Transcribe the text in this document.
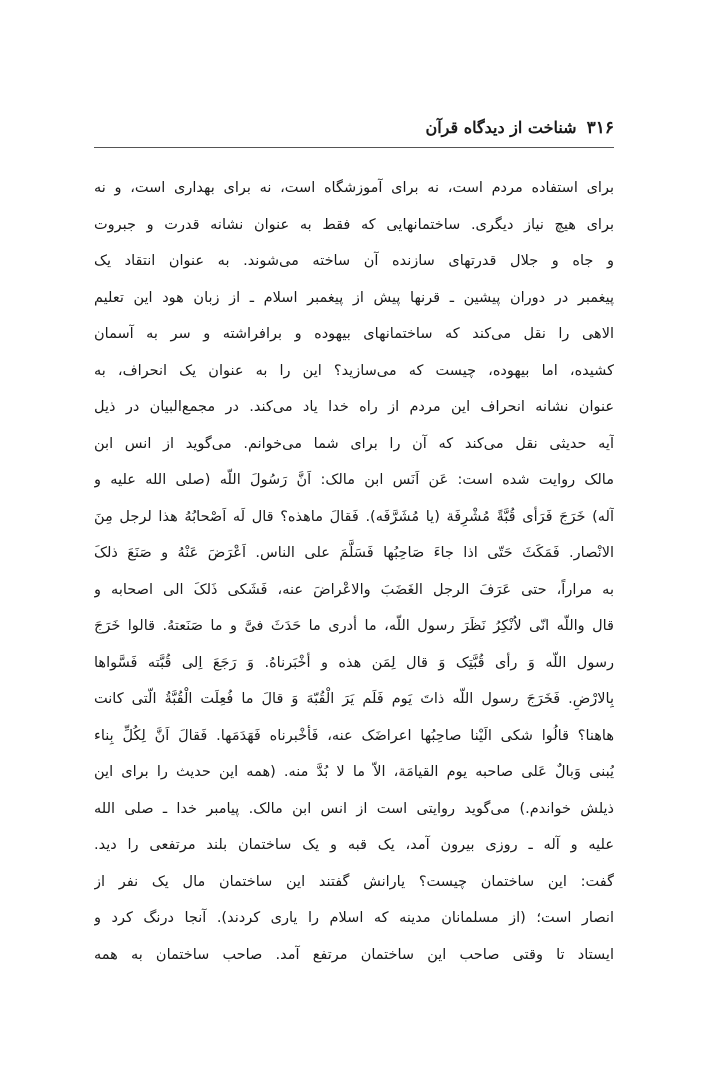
۳۱۶
شناخت از دیدگاه قرآن
برای استفاده مردم است، نه برای آموزشگاه است، نه برای بهداری است، و نه
برای هیچ نیاز دیگری. ساختمانهایی که فقط به عنوان نشانه قدرت و جبروت
و جاه و جلال قدرتهای سازنده آن ساخته می‌شوند. به عنوان انتقاد یک
پیغمبر در دوران پیشین ـ قرنها پیش از پیغمبر اسلام ـ از زبان هود این تعلیم
الاهی را نقل می‌کند که ساختمانهای بیهوده و برافراشته و سر به آسمان
کشیده، اما بیهوده، چیست که می‌سازید؟ این را به عنوان یک انحراف، به
عنوان نشانه انحراف این مردم از راه خدا یاد می‌کند. در مجمع‌البیان در ذیل
آیه حدیثی نقل می‌کند که آن را برای شما می‌خوانم. می‌گوید از انس ابن
مالک روایت شده است: عَن اَنَس ابن مالک: اَنَّ رَسُولَ اللّه (صلی الله علیه و
آله) خَرَجَ فَرَأی قُبَّةً مُشْرِفَة (یا مُشَرَّفَه). فَقالَ ماهذه؟ قال لَه اَصْحابُهُ هذا لرجل مِنَ
الانْصار. فَمَکَثَ حَتّی اذا جاءَ صَاحِبُها فَسَلَّمَ علی الناس. اَعْرَضَ عَنْهُ و صَنَعَ ذلکَ
به مراراً، حتی عَرَفَ الرجل الغَضَبَ والاعْراضَ عنه، فَشَکی ذَلکَ الی اصحابه و
قال واللّه انّی لاُنْکِرُ نَظَرَ رسول اللّه، ما أدری ما حَدَثَ فیَّ و ما صَنَعتهُ. قالوا خَرَجَ
رسول اللّه وَ رأی قُبَّتِک وَ قال لِمَن هذه و أخْبَرناهُ. وَ رَجَعَ اِلی قُبَّته فَسَّواها
بِالارْضِ. فَخَرَجَ رسول اللّه ذاتَ یَوم فَلَم یَرَ الْقُبّهَ وَ قالَ ما فُعِلَت الْقُبَّةُ الّتی کانت
هاهنا؟ قالُوا شکی الَیْنا صاحِبُها اعراضَک عنه، فَأخْبرناه فَهَدَمَها. فَقالَ اَنَّ لِکُلِّ بِناء
یُبنی وَبالٌ عَلی صاحبه یوم القیامَة، الاّ ما لا بُدَّ منه. (همه این حدیث را برای این
ذیلش خواندم.) می‌گوید روایتی است از انس ابن مالک. پیامبر خدا ـ صلی الله
علیه و آله ـ روزی بیرون آمد، یک قبه و یک ساختمان بلند مرتفعی را دید.
گفت: این ساختمان چیست؟ یارانش گفتند این ساختمان مال یک نفر از
انصار است؛ (از مسلمانان مدینه که اسلام را یاری کردند). آنجا درنگ کرد و
ایستاد تا وقتی صاحب این ساختمان مرتفع آمد. صاحب ساختمان به همه
